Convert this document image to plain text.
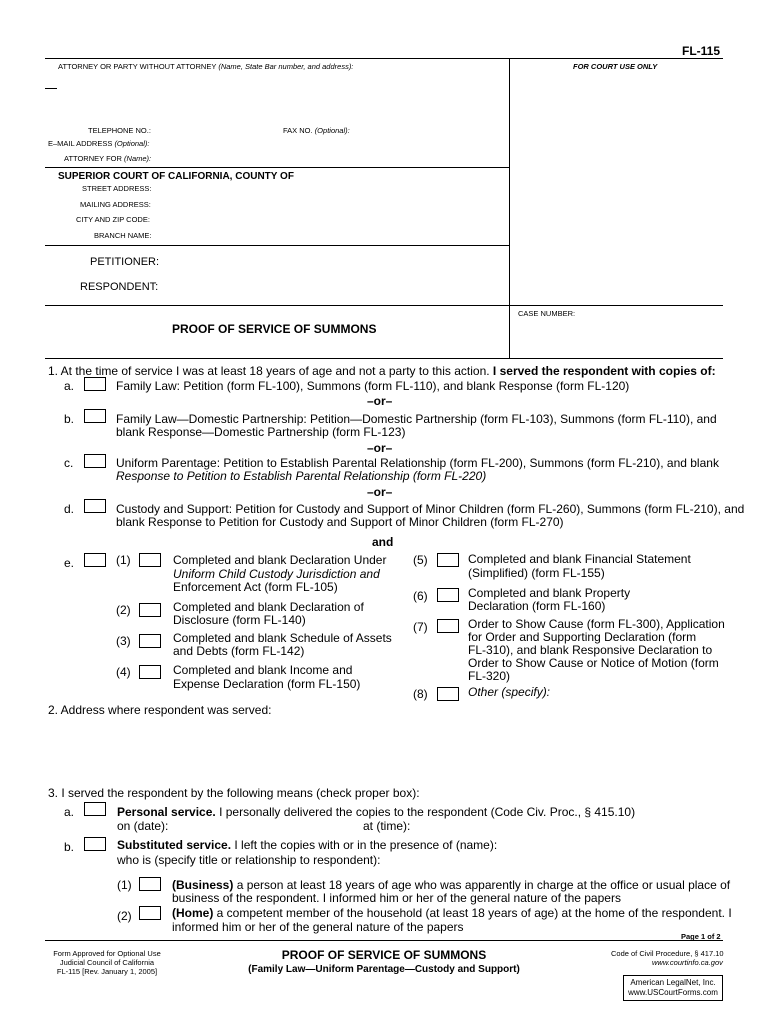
FL-115
ATTORNEY OR PARTY WITHOUT ATTORNEY (Name, State Bar number, and address):	FOR COURT USE ONLY
TELEPHONE NO.:	FAX NO. (Optional):
E–MAIL ADDRESS (Optional):
ATTORNEY FOR (Name):
SUPERIOR COURT OF CALIFORNIA, COUNTY OF
STREET ADDRESS:
MAILING ADDRESS:
CITY AND ZIP CODE:
BRANCH NAME:
PETITIONER:
RESPONDENT:
CASE NUMBER:
PROOF OF SERVICE OF SUMMONS
1. At the time of service I was at least 18 years of age and not a party to this action. I served the respondent with copies of:
a.	Family Law: Petition (form FL-100), Summons (form FL-110), and blank Response (form FL-120)
–or–
b.	Family Law—Domestic Partnership: Petition—Domestic Partnership (form FL-103), Summons (form FL-110), and
blank Response—Domestic Partnership (form FL-123)
–or–
c.	Uniform Parentage: Petition to Establish Parental Relationship (form FL-200), Summons (form FL-210), and blank
Response to Petition to Establish Parental Relationship (form FL-220)
–or–
d.	Custody and Support: Petition for Custody and Support of Minor Children (form FL-260), Summons (form FL-210), and
blank Response to Petition for Custody and Support of Minor Children (form FL-270)
and
e.	(1)	Completed and blank Declaration Under
Uniform Child Custody Jurisdiction and
Enforcement Act (form FL-105)
(2)	Completed and blank Declaration of
Disclosure (form FL-140)
(3)	Completed and blank Schedule of Assets
and Debts (form FL-142)
(4)	Completed and blank Income and
Expense Declaration (form FL-150)
(5)	Completed and blank Financial Statement
(Simplified) (form FL-155)
(6)	Completed and blank Property
Declaration (form FL-160)
(7)	Order to Show Cause (form FL-300), Application
for Order and Supporting Declaration (form
FL-310), and blank Responsive Declaration to
Order to Show Cause or Notice of Motion (form
FL-320)
(8)	Other (specify):
2. Address where respondent was served:
3. I served the respondent by the following means (check proper box):
a.	Personal service. I personally delivered the copies to the respondent (Code Civ. Proc., § 415.10)
on (date):	at (time):
b.	Substituted service. I left the copies with or in the presence of (name):
who is (specify title or relationship to respondent):
(1)	(Business) a person at least 18 years of age who was apparently in charge at the office or usual place of
business of the respondent. I informed him or her of the general nature of the papers
(2)	(Home) a competent member of the household (at least 18 years of age) at the home of the respondent. I
informed him or her of the general nature of the papers
Page 1 of 2
Form Approved for Optional Use
Judicial Council of California
FL-115 [Rev. January 1, 2005]
PROOF OF SERVICE OF SUMMONS
(Family Law—Uniform Parentage—Custody and Support)
Code of Civil Procedure, § 417.10
www.courtinfo.ca.gov
American LegalNet, Inc.
www.USCourtForms.com
